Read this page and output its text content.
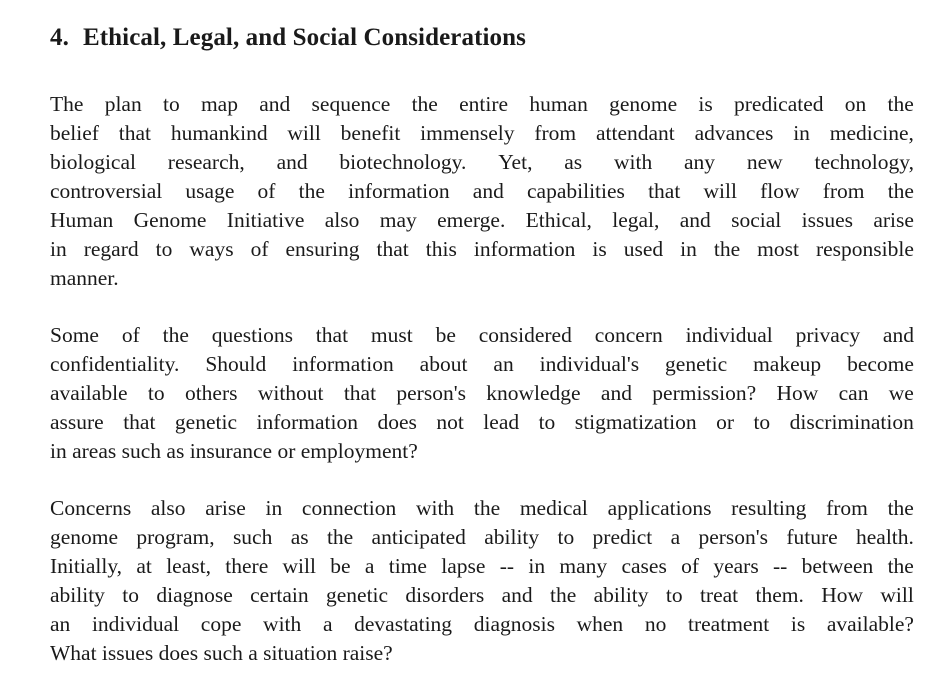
4. Ethical, Legal, and Social Considerations
The plan to map and sequence the entire human genome is predicated on the
belief that humankind will benefit immensely from attendant advances in medicine,
biological research, and biotechnology. Yet, as with any new technology,
controversial usage of the information and capabilities that will flow from the
Human Genome Initiative also may emerge. Ethical, legal, and social issues arise
in regard to ways of ensuring that this information is used in the most responsible
manner.
Some of the questions that must be considered concern individual privacy and
confidentiality. Should information about an individual's genetic makeup become
available to others without that person's knowledge and permission? How can we
assure that genetic information does not lead to stigmatization or to discrimination
in areas such as insurance or employment?
Concerns also arise in connection with the medical applications resulting from the
genome program, such as the anticipated ability to predict a person's future health.
Initially, at least, there will be a time lapse -- in many cases of years -- between the
ability to diagnose certain genetic disorders and the ability to treat them. How will
an individual cope with a devastating diagnosis when no treatment is available?
What issues does such a situation raise?
